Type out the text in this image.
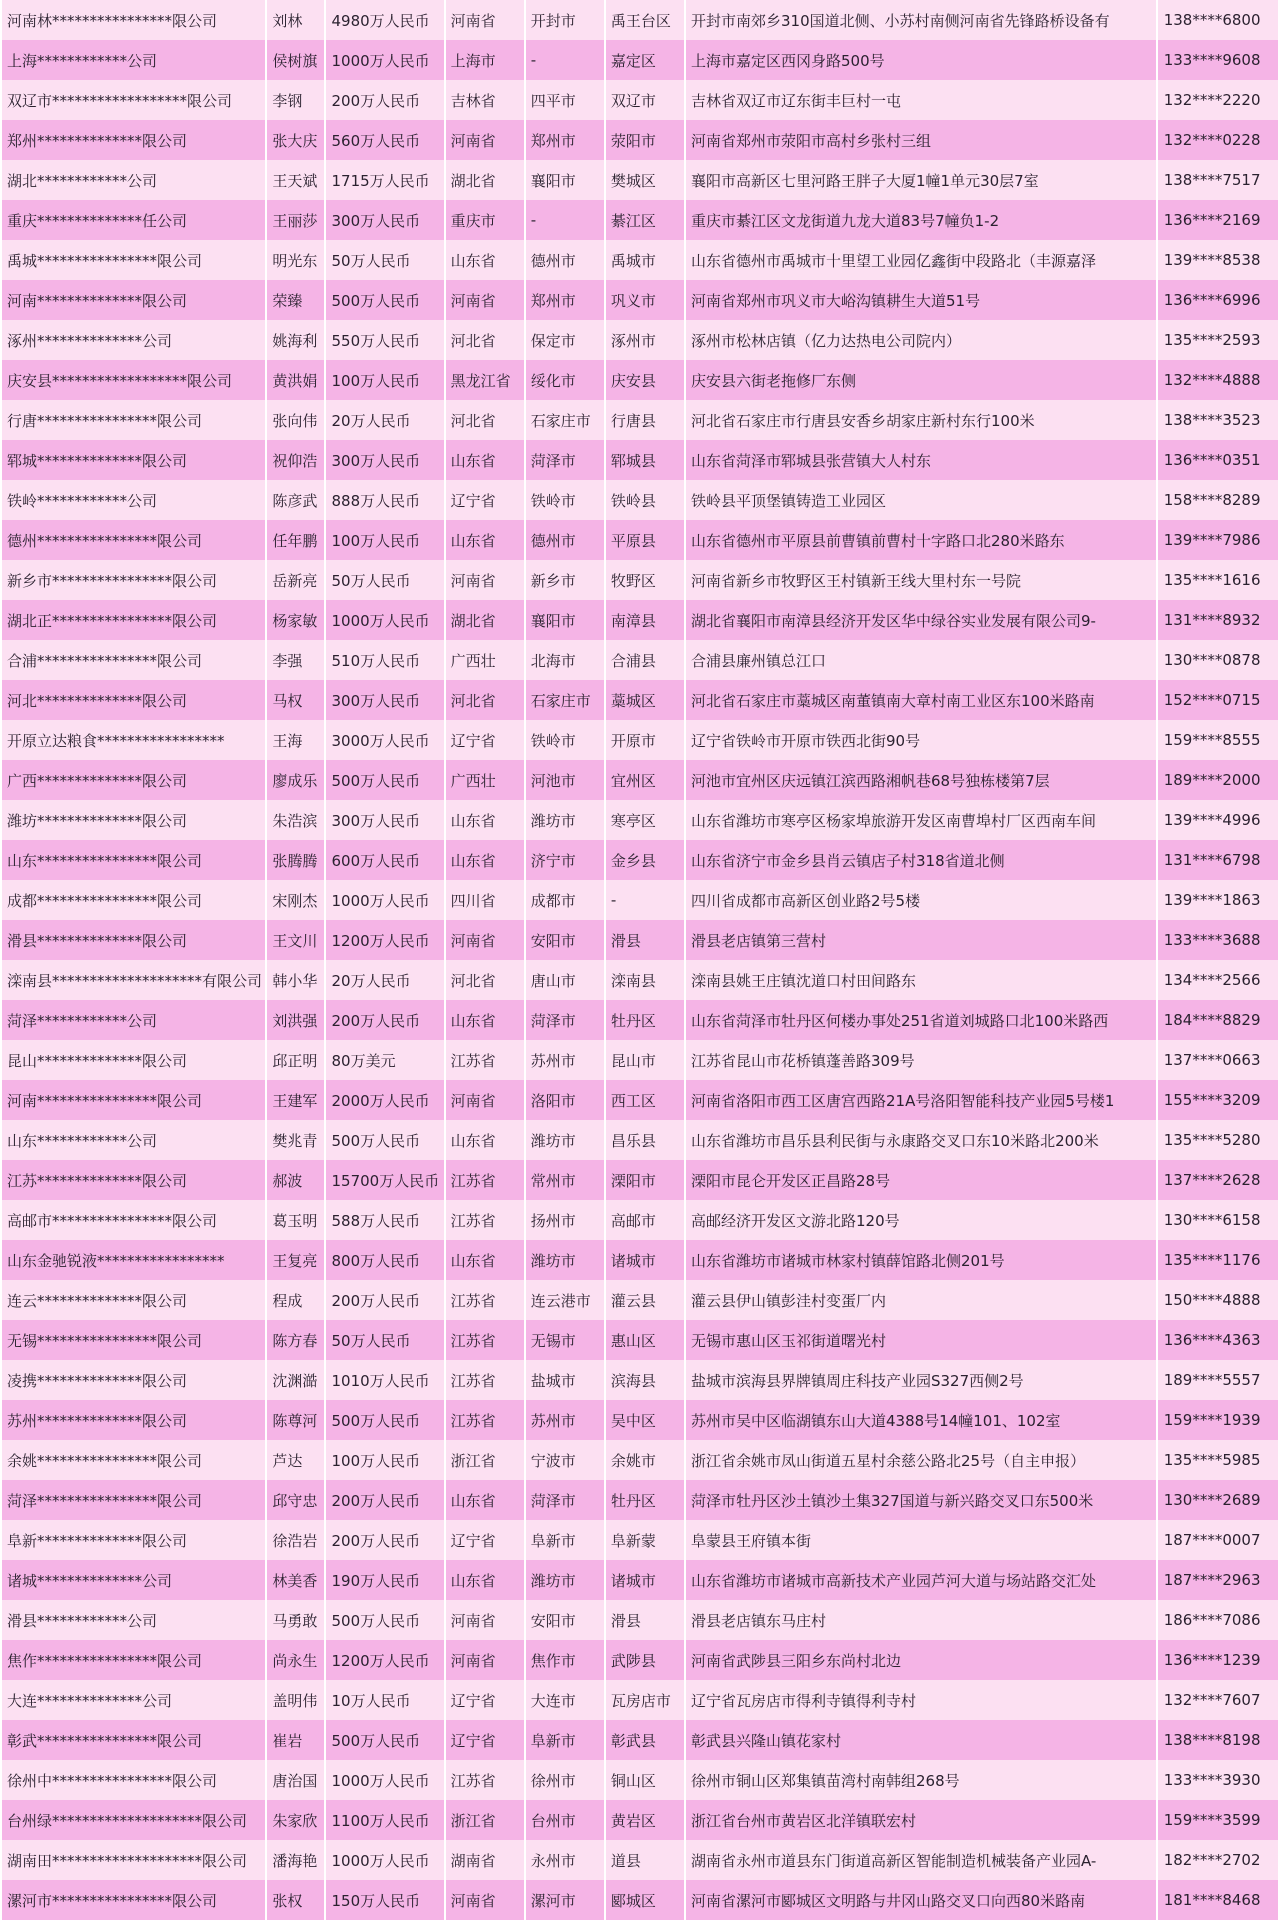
河南林****************限公司	刘林	4980万人民币	河南省	开封市	禹王台区	开封市南郊乡310国道北侧、小苏村南侧河南省先锋路桥设备有	138****6800
上海************公司	侯树旗	1000万人民币	上海市	-	嘉定区	上海市嘉定区西冈身路500号	133****9608
双辽市******************限公司	李钢	200万人民币	吉林省	四平市	双辽市	吉林省双辽市辽东街丰巨村一屯	132****2220
郑州**************限公司	张大庆	560万人民币	河南省	郑州市	荥阳市	河南省郑州市荥阳市高村乡张村三组	132****0228
湖北************公司	王天斌	1715万人民币	湖北省	襄阳市	樊城区	襄阳市高新区七里河路王胖子大厦1幢1单元30层7室	138****7517
重庆**************任公司	王丽莎	300万人民币	重庆市	-	綦江区	重庆市綦江区文龙街道九龙大道83号7幢负1-2	136****2169
禹城****************限公司	明光东	50万人民币	山东省	德州市	禹城市	山东省德州市禹城市十里望工业园亿鑫街中段路北（丰源嘉泽	139****8538
河南**************限公司	荣臻	500万人民币	河南省	郑州市	巩义市	河南省郑州市巩义市大峪沟镇耕生大道51号	136****6996
涿州**************公司	姚海利	550万人民币	河北省	保定市	涿州市	涿州市松林店镇（亿力达热电公司院内）	135****2593
庆安县******************限公司	黄洪娟	100万人民币	黑龙江省	绥化市	庆安县	庆安县六街老拖修厂东侧	132****4888
行唐****************限公司	张向伟	20万人民币	河北省	石家庄市	行唐县	河北省石家庄市行唐县安香乡胡家庄新村东行100米	138****3523
郓城**************限公司	祝仰浩	300万人民币	山东省	菏泽市	郓城县	山东省菏泽市郓城县张营镇大人村东	136****0351
铁岭************公司	陈彦武	888万人民币	辽宁省	铁岭市	铁岭县	铁岭县平顶堡镇铸造工业园区	158****8289
德州****************限公司	任年鹏	100万人民币	山东省	德州市	平原县	山东省德州市平原县前曹镇前曹村十字路口北280米路东	139****7986
新乡市****************限公司	岳新亮	50万人民币	河南省	新乡市	牧野区	河南省新乡市牧野区王村镇新王线大里村东一号院	135****1616
湖北正****************限公司	杨家敏	1000万人民币	湖北省	襄阳市	南漳县	湖北省襄阳市南漳县经济开发区华中绿谷实业发展有限公司9-	131****8932
合浦****************限公司	李强	510万人民币	广西壮	北海市	合浦县	合浦县廉州镇总江口	130****0878
河北**************限公司	马权	300万人民币	河北省	石家庄市	藁城区	河北省石家庄市藁城区南董镇南大章村南工业区东100米路南	152****0715
开原立达粮食*****************	王海	3000万人民币	辽宁省	铁岭市	开原市	辽宁省铁岭市开原市铁西北街90号	159****8555
广西**************限公司	廖成乐	500万人民币	广西壮	河池市	宜州区	河池市宜州区庆远镇江滨西路湘帆巷68号独栋楼第7层	189****2000
潍坊**************限公司	朱浩滨	300万人民币	山东省	潍坊市	寒亭区	山东省潍坊市寒亭区杨家埠旅游开发区南曹埠村厂区西南车间	139****4996
山东****************限公司	张腾腾	600万人民币	山东省	济宁市	金乡县	山东省济宁市金乡县肖云镇店子村318省道北侧	131****6798
成都****************限公司	宋刚杰	1000万人民币	四川省	成都市	-	四川省成都市高新区创业路2号5楼	139****1863
滑县**************限公司	王文川	1200万人民币	河南省	安阳市	滑县	滑县老店镇第三营村	133****3688
滦南县********************有限公司	韩小华	20万人民币	河北省	唐山市	滦南县	滦南县姚王庄镇沈道口村田间路东	134****2566
菏泽************公司	刘洪强	200万人民币	山东省	菏泽市	牡丹区	山东省菏泽市牡丹区何楼办事处251省道刘城路口北100米路西	184****8829
昆山**************限公司	邱正明	80万美元	江苏省	苏州市	昆山市	江苏省昆山市花桥镇蓬善路309号	137****0663
河南****************限公司	王建军	2000万人民币	河南省	洛阳市	西工区	河南省洛阳市西工区唐宫西路21A号洛阳智能科技产业园5号楼1	155****3209
山东************公司	樊兆青	500万人民币	山东省	潍坊市	昌乐县	山东省潍坊市昌乐县利民街与永康路交叉口东10米路北200米	135****5280
江苏**************限公司	郝波	15700万人民币	江苏省	常州市	溧阳市	溧阳市昆仑开发区正昌路28号	137****2628
高邮市****************限公司	葛玉明	588万人民币	江苏省	扬州市	高邮市	高邮经济开发区文游北路120号	130****6158
山东金驰锐液*****************	王复亮	800万人民币	山东省	潍坊市	诸城市	山东省潍坊市诸城市林家村镇薛馆路北侧201号	135****1176
连云**************限公司	程成	200万人民币	江苏省	连云港市	灌云县	灌云县伊山镇彭洼村变蛋厂内	150****4888
无锡****************限公司	陈方春	50万人民币	江苏省	无锡市	惠山区	无锡市惠山区玉祁街道曙光村	136****4363
凌携**************限公司	沈渊澔	1010万人民币	江苏省	盐城市	滨海县	盐城市滨海县界牌镇周庄科技产业园S327西侧2号	189****5557
苏州**************限公司	陈尊河	500万人民币	江苏省	苏州市	吴中区	苏州市吴中区临湖镇东山大道4388号14幢101、102室	159****1939
余姚****************限公司	芦达	100万人民币	浙江省	宁波市	余姚市	浙江省余姚市凤山街道五星村余慈公路北25号（自主申报）	135****5985
菏泽****************限公司	邱守忠	200万人民币	山东省	菏泽市	牡丹区	菏泽市牡丹区沙土镇沙土集327国道与新兴路交叉口东500米	130****2689
阜新**************限公司	徐浩岩	200万人民币	辽宁省	阜新市	阜新蒙	阜蒙县王府镇本街	187****0007
诸城**************公司	林美香	190万人民币	山东省	潍坊市	诸城市	山东省潍坊市诸城市高新技术产业园芦河大道与场站路交汇处	187****2963
滑县************公司	马勇敢	500万人民币	河南省	安阳市	滑县	滑县老店镇东马庄村	186****7086
焦作****************限公司	尚永生	1200万人民币	河南省	焦作市	武陟县	河南省武陟县三阳乡东尚村北边	136****1239
大连**************公司	盖明伟	10万人民币	辽宁省	大连市	瓦房店市	辽宁省瓦房店市得利寺镇得利寺村	132****7607
彰武****************限公司	崔岩	500万人民币	辽宁省	阜新市	彰武县	彰武县兴隆山镇花家村	138****8198
徐州中****************限公司	唐治国	1000万人民币	江苏省	徐州市	铜山区	徐州市铜山区郑集镇苗湾村南韩组268号	133****3930
台州绿********************限公司	朱家欣	1100万人民币	浙江省	台州市	黄岩区	浙江省台州市黄岩区北洋镇联宏村	159****3599
湖南田********************限公司	潘海艳	1000万人民币	湖南省	永州市	道县	湖南省永州市道县东门街道高新区智能制造机械装备产业园A-	182****2702
漯河市****************限公司	张权	150万人民币	河南省	漯河市	郾城区	河南省漯河市郾城区文明路与井冈山路交叉口向西80米路南	181****8468
